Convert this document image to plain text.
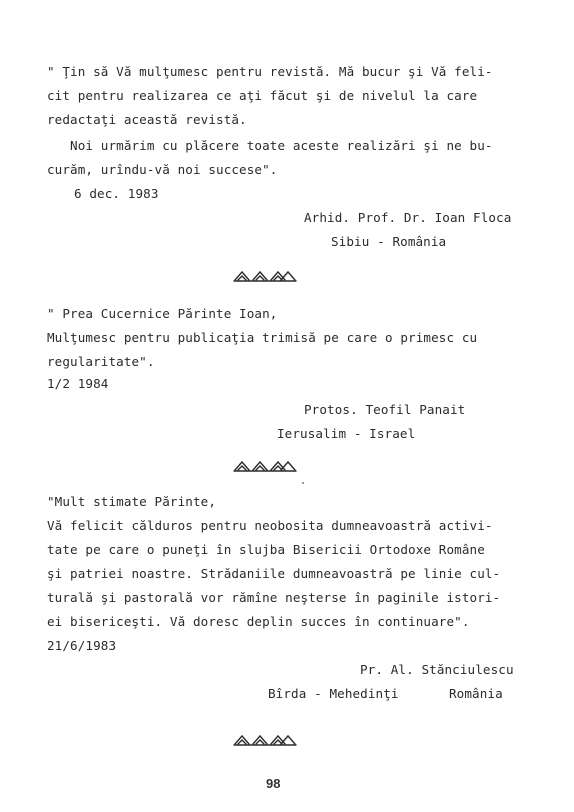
" Ţin să Vă mulţumesc pentru revistă. Mă bucur şi Vă feli-
cit pentru realizarea ce aţi făcut şi de nivelul la care
redactaţi această revistă.
Noi urmărim cu plăcere toate aceste realizări şi ne bu-
curăm, urîndu-vă noi succese".
6 dec. 1983
Arhid. Prof. Dr. Ioan Floca
Sibiu - România
" Prea Cucernice Părinte Ioan,
Mulţumesc pentru publicaţia trimisă pe care o primesc cu
regularitate".
1/2 1984
Protos. Teofil Panait
Ierusalim - Israel
"Mult stimate Părinte,
Vă felicit călduros pentru neobosita dumneavoastră activi-
tate pe care o puneţi în slujba Bisericii Ortodoxe Române
şi patriei noastre. Strădaniile dumneavoastră pe linie cul-
turală şi pastorală vor rămîne neşterse în paginile istori-
ei bisericeşti. Vă doresc deplin succes în continuare".
21/6/1983
Pr. Al. Stănciulescu
Bîrda - Mehedinţi	România
98
